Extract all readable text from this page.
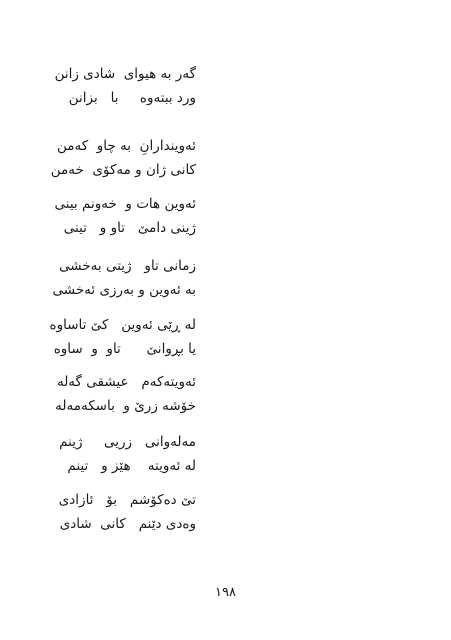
گەر بە هیوای  شادی زانن
ورد ببتەوە     با   بزانن
ئەویندارانِ  بە چاو  کەمن
کانی ژان و مەکۆی  خەمن
ئەوین هات و  خەونم بینی
ژینی دامێ   تاو و   تینی
زمانی تاو   ژیتی بەخشی
بە ئەوین و بەرزی ئەخشی
لە ڕێی ئەوین   کێ تاساوە
یا بڕوانێ      تاو  و  ساوە
ئەویتەکەم   عیشقی گەلە
خۆشە زرێ و  باسکەمەلە
مەلەوانی   زریی     ژینم
لە ئەویتە    هێز و   تینم
تێ دەکۆشم   بۆ   ئازادی
وەدی دێنم   کانی  شادی
١٩٨
